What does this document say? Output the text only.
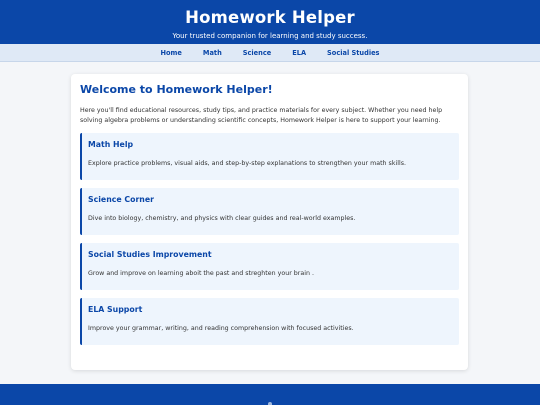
Homework Helper
Your trusted companion for learning and study success.
Home	Math	Science	ELA	Social Studies
Welcome to Homework Helper!

Here you'll find educational resources, study tips, and practice materials for every subject. Whether you need help solving algebra problems or understanding scientific concepts, Homework Helper is here to support your learning.

Math Help

Explore practice problems, visual aids, and step-by-step explanations to strengthen your math skills.

Science Corner

Dive into biology, chemistry, and physics with clear guides and real-world examples.

Social Studies Improvement

Grow and improve on learning aboit the past and streghten your brain .

ELA Support

Improve your grammar, writing, and reading comprehension with focused activities.
